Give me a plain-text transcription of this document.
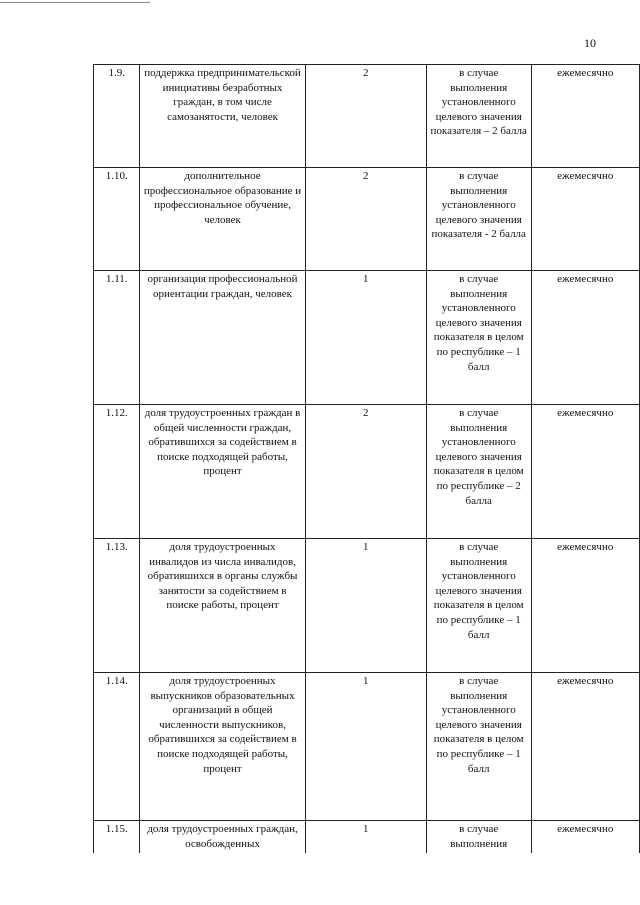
10
1.9.	поддержка предпринимательской инициативы безработных граждан, в том числе самозанятости, человек	2	в случае выполнения установленного целевого значения показателя – 2 балла	ежемесячно
1.10.	дополнительное профессиональное образование и профессиональное обучение, человек	2	в случае выполнения установленного целевого значения показателя - 2 балла	ежемесячно
1.11.	организация профессиональной ориентации граждан, человек	1	в случае выполнения установленного целевого значения показателя в целом по республике – 1 балл	ежемесячно
1.12.	доля трудоустроенных граждан в общей численности граждан, обратившихся за содействием в поиске подходящей работы, процент	2	в случае выполнения установленного целевого значения показателя в целом по республике – 2 балла	ежемесячно
1.13.	доля трудоустроенных инвалидов из числа инвалидов, обратившихся в органы службы занятости за содействием в поиске работы, процент	1	в случае выполнения установленного целевого значения показателя в целом по республике – 1 балл	ежемесячно
1.14.	доля трудоустроенных выпускников образовательных организаций в общей численности выпускников, обратившихся за содействием в поиске подходящей работы, процент	1	в случае выполнения установленного целевого значения показателя в целом по республике – 1 балл	ежемесячно
1.15.	доля трудоустроенных граждан, освобожденных	1	в случае выполнения	ежемесячно
